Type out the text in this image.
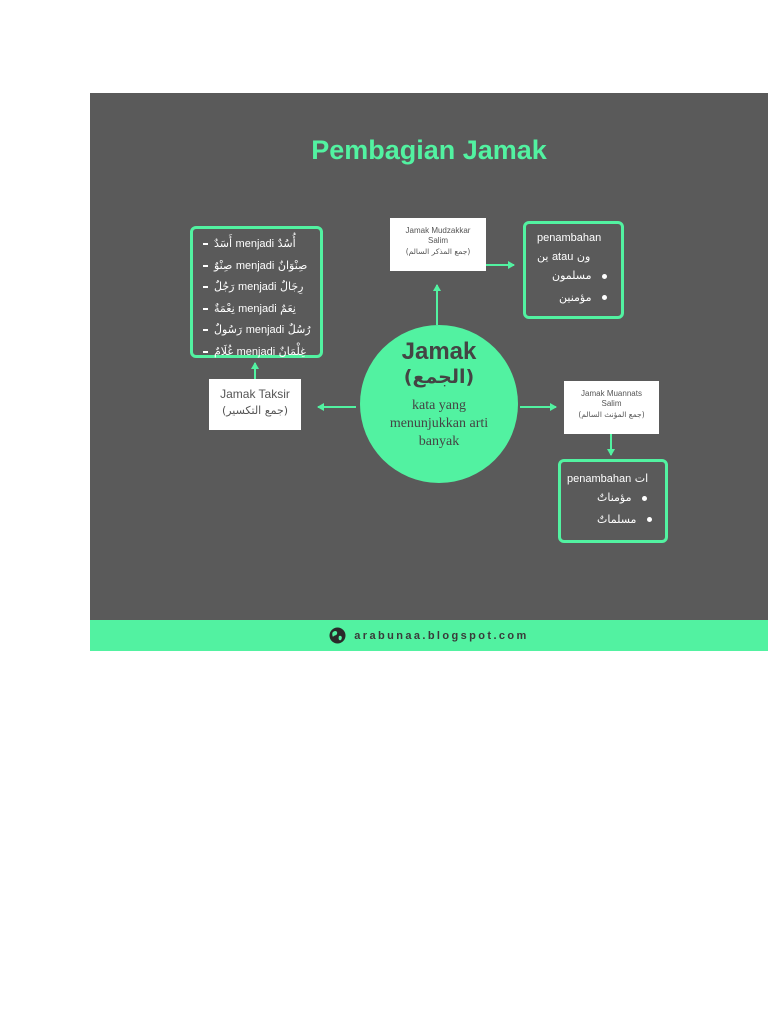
Pembagian Jamak
أَسَدٌ menjadi أُسُدٌ
صِنْوٌ menjadi صِنْوَانٌ
رَجُلٌ menjadi رِجَالٌ
نِعْمَةٌ menjadi نِعَمٌ
رَسُولٌ menjadi رُسُلٌ
غُلَامٌ menjadi غِلْمَانٌ
Jamak Taksir
(جمع التكسير)
Jamak Mudzakkar
Salim
(جمع المذكر السالم)
penambahan
ين atau ون
مسلمون
مؤمنين
Jamak
(الجمع)
kata yang
menunjukkan arti
banyak
Jamak Muannats
Salim
(جمع المؤنث السالم)
penambahan ات
مؤمناتٌ
مسلماتٌ
arabunaa.blogspot.com
